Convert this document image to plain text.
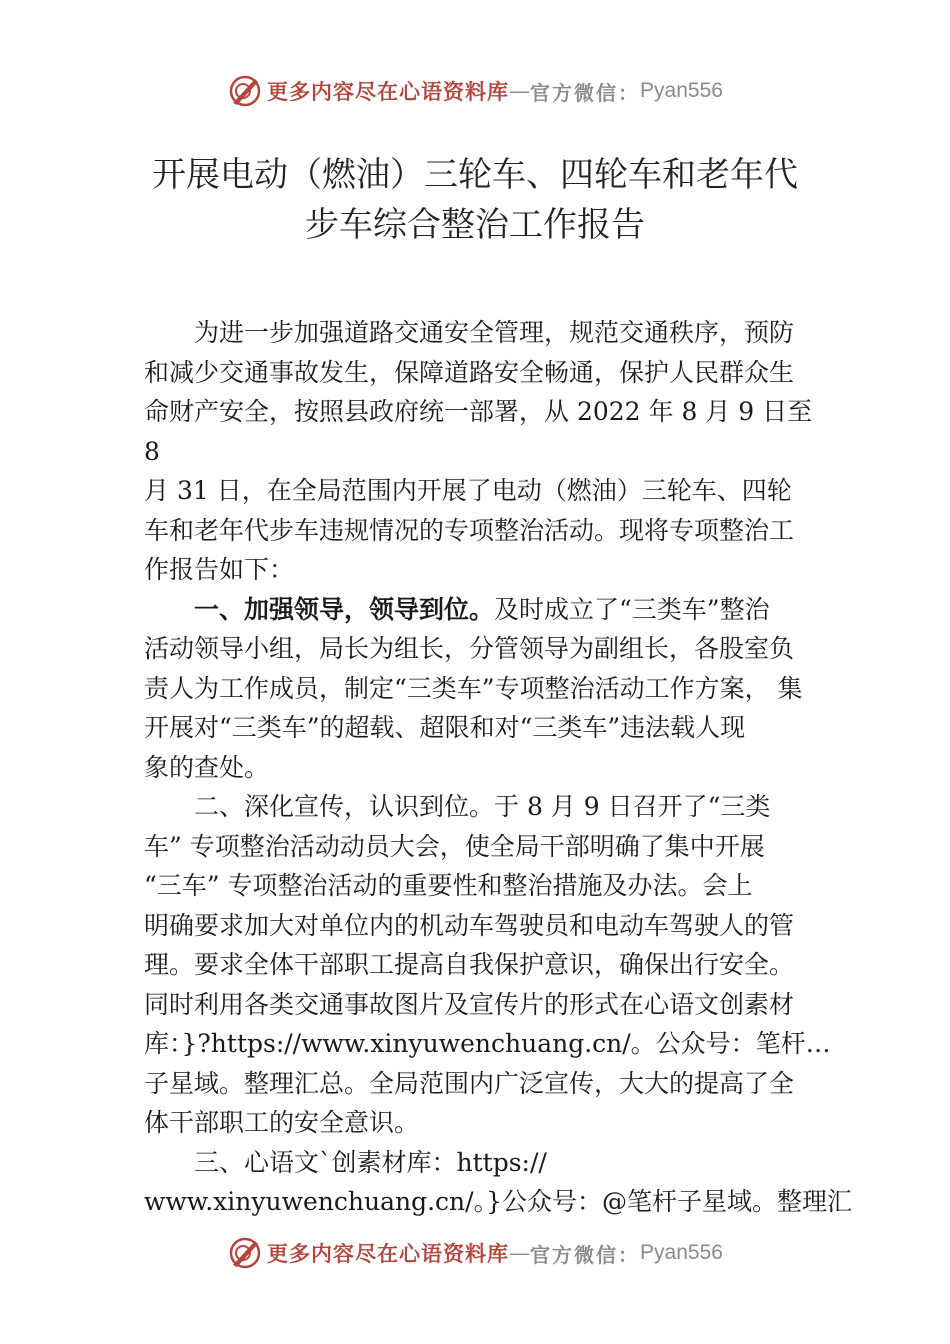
更多内容尽在心语资料库 — 官方微信： Pyan556
开展电动（燃油）三轮车、四轮车和老年代
步车综合整治工作报告
为进一步加强道路交通安全管理，规范交通秩序，预防
和减少交通事故发生，保障道路安全畅通，保护人民群众生
命财产安全，按照县政府统一部署，从 2022 年 8 月 9 日至
8
月 31 日，在全局范围内开展了电动（燃油）三轮车、四轮
车和老年代步车违规情况的专项整治活动。现将专项整治工
作报告如下：
一、加强领导，领导到位。及时成立了“三类车”整治
活动领导小组，局长为组长，分管领导为副组长，各股室负
责人为工作成员，制定“三类车”专项整治活动工作方案， 集
开展对“三类车”的超载、超限和对“三类车”违法载人现
象的查处。
二、深化宣传，认识到位。于 8 月 9 日召开了“三类
车” 专项整治活动动员大会，使全局干部明确了集中开展
“三车” 专项整治活动的重要性和整治措施及办法。会上
明确要求加大对单位内的机动车驾驶员和电动车驾驶人的管
理。要求全体干部职工提高自我保护意识，确保出行安全。
同时利用各类交通事故图片及宣传片的形式在心语文创素材
库：}?https://www.xinyuwenchuang.cn/。公众号：笔杆…
子星域。整理汇总。全局范围内广泛宣传，大大的提高了全
体干部职工的安全意识。
三、心语文`创素材库：https://
www.xinyuwenchuang.cn/。}公众号：@笔杆子星域。整理汇
更多内容尽在心语资料库 — 官方微信： Pyan556
